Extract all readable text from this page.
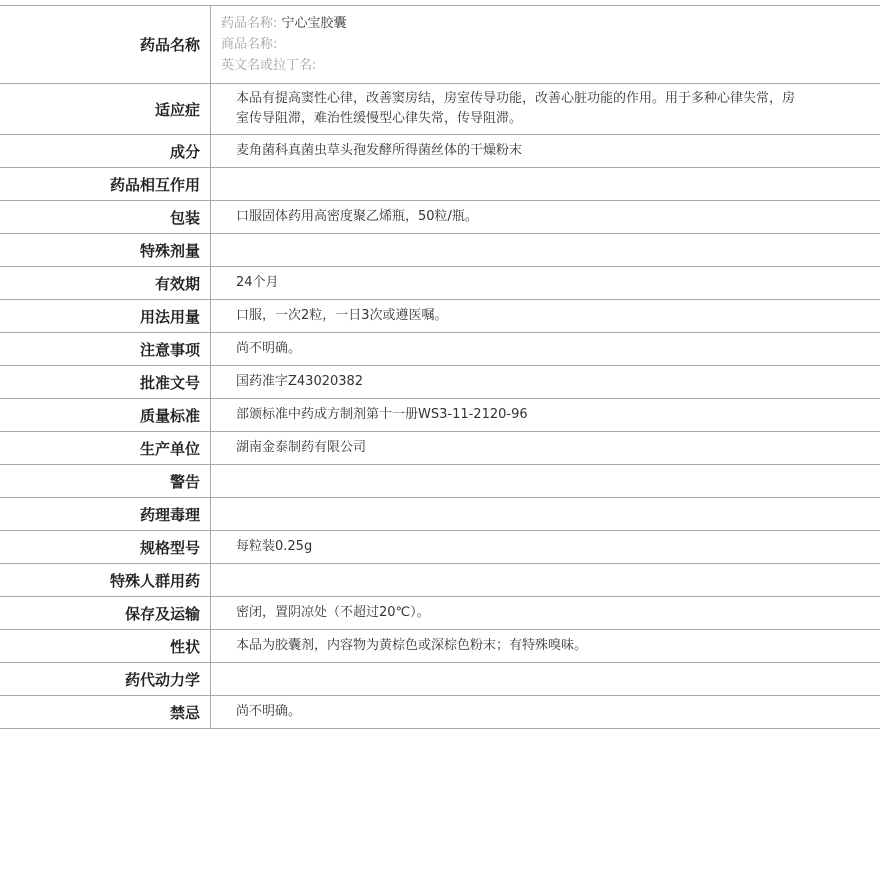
药品名称	药品名称: 宁心宝胶囊
商品名称:
英文名或拉丁名:

适应症	本品有提高窦性心律，改善窦房结，房室传导功能，改善心脏功能的作用。用于多种心律失常，房室传导阻滞，难治性缓慢型心律失常，传导阻滞。
成分	麦角菌科真菌虫草头孢发酵所得菌丝体的干燥粉末
药品相互作用	
包装	口服固体药用高密度聚乙烯瓶，50粒/瓶。
特殊剂量	
有效期	24个月
用法用量	口服，一次2粒，一日3次或遵医嘱。
注意事项	尚不明确。
批准文号	国药准字Z43020382
质量标准	部颁标准中药成方制剂第十一册WS3-11-2120-96
生产单位	湖南金泰制药有限公司
警告	
药理毒理	
规格型号	每粒装0.25g
特殊人群用药	
保存及运输	密闭，置阴凉处（不超过20℃）。
性状	本品为胶囊剂，内容物为黄棕色或深棕色粉末；有特殊嗅味。
药代动力学	
禁忌	尚不明确。
